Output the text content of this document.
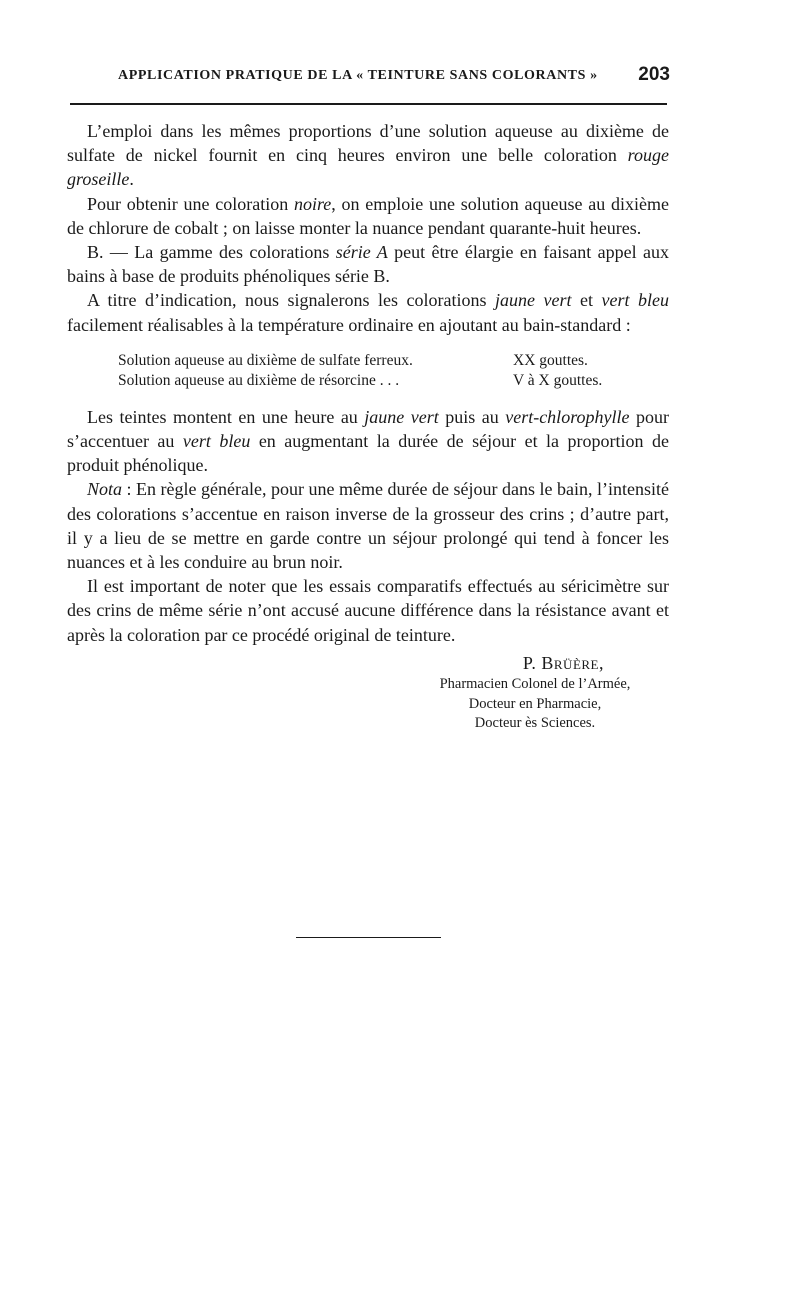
APPLICATION PRATIQUE DE LA « TEINTURE SANS COLORANTS » 203

L’emploi dans les mêmes proportions d’une solution aqueuse au dixième de sulfate de nickel fournit en cinq heures environ une belle coloration rouge groseille.

Pour obtenir une coloration noire, on emploie une solution aqueuse au dixième de chlorure de cobalt ; on laisse monter la nuance pendant quarante-huit heures.

B. — La gamme des colorations série A peut être élargie en faisant appel aux bains à base de produits phénoliques série B.

A titre d’indication, nous signalerons les colorations jaune vert et vert bleu facilement réalisables à la température ordinaire en ajoutant au bain-standard :

Solution aqueuse au dixième de sulfate ferreux.	XX gouttes.
Solution aqueuse au dixième de résorcine . . .	V à X gouttes.

Les teintes montent en une heure au jaune vert puis au vert-chlorophylle pour s’accentuer au vert bleu en augmentant la durée de séjour et la proportion de produit phénolique.

Nota : En règle générale, pour une même durée de séjour dans le bain, l’intensité des colorations s’accentue en raison inverse de la grosseur des crins ; d’autre part, il y a lieu de se mettre en garde contre un séjour prolongé qui tend à foncer les nuances et à les conduire au brun noir.

Il est important de noter que les essais comparatifs effectués au séricimètre sur des crins de même série n’ont accusé aucune différence dans la résistance avant et après la coloration par ce procédé original de teinture.

P. Brüère,
Pharmacien Colonel de l’Armée,
Docteur en Pharmacie,
Docteur ès Sciences.
